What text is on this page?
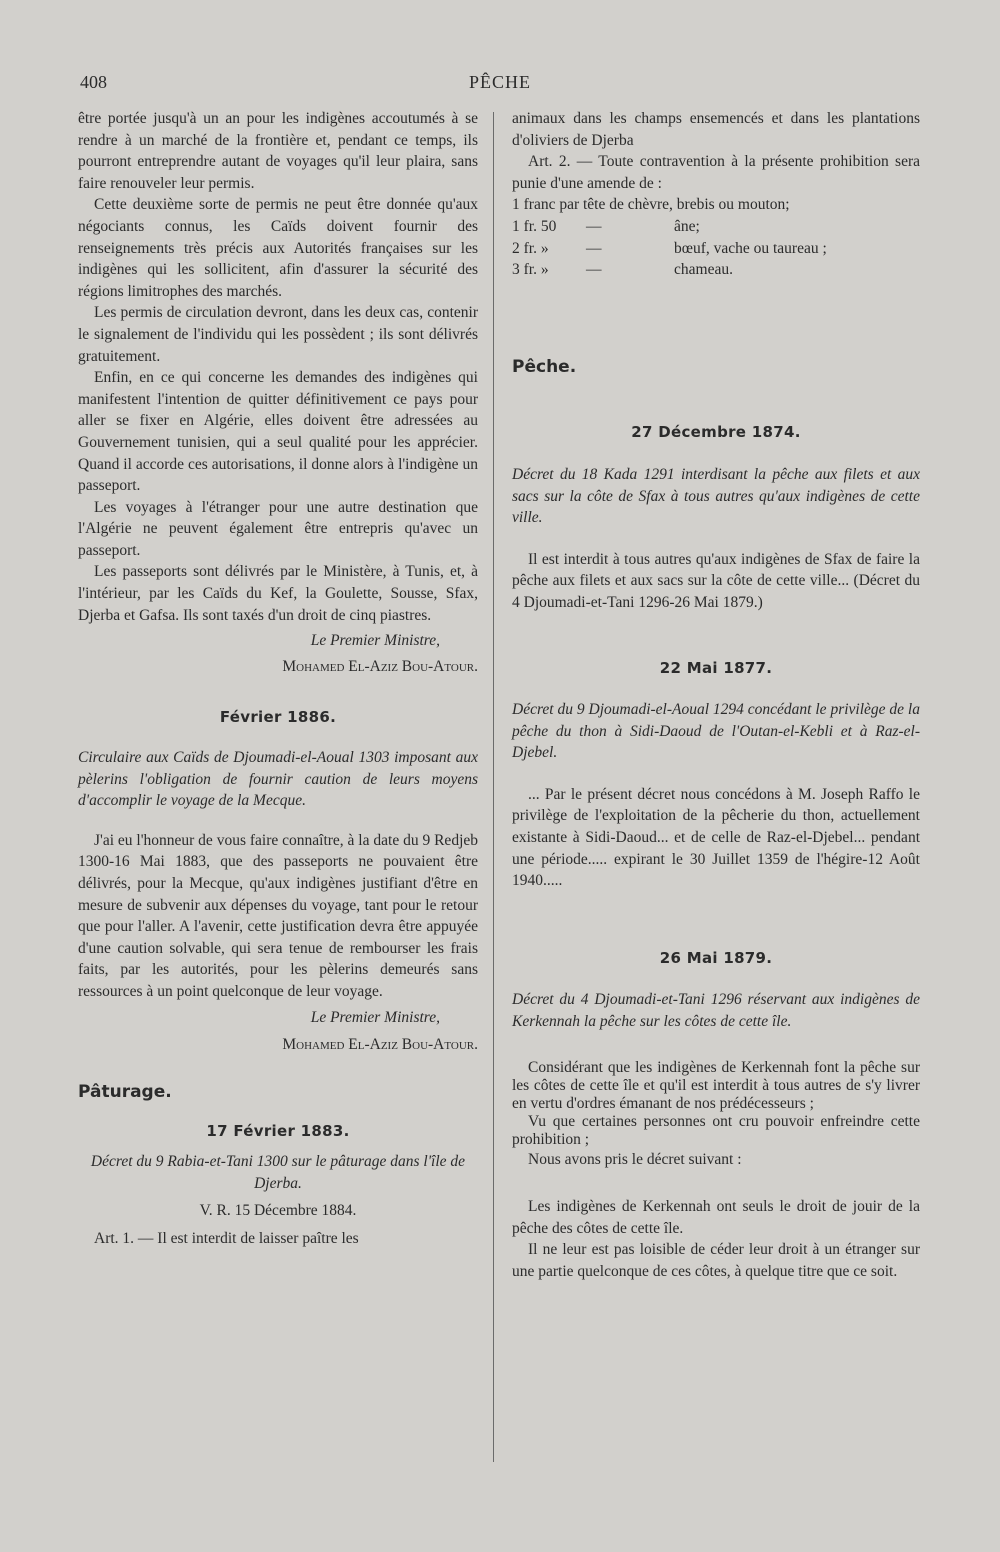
408	PÊCHE

être portée jusqu'à un an pour les indigènes accoutumés à se rendre à un marché de la frontière et, pendant ce temps, ils pourront entreprendre autant de voyages qu'il leur plaira, sans faire renouveler leur permis.

Cette deuxième sorte de permis ne peut être donnée qu'aux négociants connus, les Caïds doivent fournir des renseignements très précis aux Autorités françaises sur les indigènes qui les sollicitent, afin d'assurer la sécurité des régions limitrophes des marchés.

Les permis de circulation devront, dans les deux cas, contenir le signalement de l'individu qui les possèdent ; ils sont délivrés gratuitement.

Enfin, en ce qui concerne les demandes des indigènes qui manifestent l'intention de quitter définitivement ce pays pour aller se fixer en Algérie, elles doivent être adressées au Gouvernement tunisien, qui a seul qualité pour les apprécier. Quand il accorde ces autorisations, il donne alors à l'indigène un passeport.

Les voyages à l'étranger pour une autre destination que l'Algérie ne peuvent également être entrepris qu'avec un passeport.

Les passeports sont délivrés par le Ministère, à Tunis, et, à l'intérieur, par les Caïds du Kef, la Goulette, Sousse, Sfax, Djerba et Gafsa. Ils sont taxés d'un droit de cinq piastres.

Le Premier Ministre,

Mohamed El-Aziz Bou-Atour.

Février 1886.

Circulaire aux Caïds de Djoumadi-el-Aoual 1303 imposant aux pèlerins l'obligation de fournir caution de leurs moyens d'accomplir le voyage de la Mecque.

J'ai eu l'honneur de vous faire connaître, à la date du 9 Redjeb 1300-16 Mai 1883, que des passeports ne pouvaient être délivrés, pour la Mecque, qu'aux indigènes justifiant d'être en mesure de subvenir aux dépenses du voyage, tant pour le retour que pour l'aller. A l'avenir, cette justification devra être appuyée d'une caution solvable, qui sera tenue de rembourser les frais faits, par les autorités, pour les pèlerins demeurés sans ressources à un point quelconque de leur voyage.

Le Premier Ministre,

Mohamed El-Aziz Bou-Atour.

Pâturage.

17 Février 1883.

Décret du 9 Rabia-et-Tani 1300 sur le pâturage dans l'île de Djerba.

V. R. 15 Décembre 1884.

Art. 1. — Il est interdit de laisser paître les

animaux dans les champs ensemencés et dans les plantations d'oliviers de Djerba

Art. 2. — Toute contravention à la présente prohibition sera punie d'une amende de :

1 franc par tête de chèvre, brebis ou mouton;
1 fr. 50	—	âne;
2 fr. »	—	bœuf, vache ou taureau ;
3 fr. »	—	chameau.

Pêche.

27 Décembre 1874.

Décret du 18 Kada 1291 interdisant la pêche aux filets et aux sacs sur la côte de Sfax à tous autres qu'aux indigènes de cette ville.

Il est interdit à tous autres qu'aux indigènes de Sfax de faire la pêche aux filets et aux sacs sur la côte de cette ville... (Décret du 4 Djoumadi-et-Tani 1296-26 Mai 1879.)

22 Mai 1877.

Décret du 9 Djoumadi-el-Aoual 1294 concédant le privilège de la pêche du thon à Sidi-Daoud de l'Outan-el-Kebli et à Raz-el-Djebel.

... Par le présent décret nous concédons à M. Joseph Raffo le privilège de l'exploitation de la pêcherie du thon, actuellement existante à Sidi-Daoud... et de celle de Raz-el-Djebel... pendant une période..... expirant le 30 Juillet 1359 de l'hégire-12 Août 1940.....

26 Mai 1879.

Décret du 4 Djoumadi-et-Tani 1296 réservant aux indigènes de Kerkennah la pêche sur les côtes de cette île.

Considérant que les indigènes de Kerkennah font la pêche sur les côtes de cette île et qu'il est interdit à tous autres de s'y livrer en vertu d'ordres émanant de nos prédécesseurs ;

Vu que certaines personnes ont cru pouvoir enfreindre cette prohibition ;

Nous avons pris le décret suivant :

Les indigènes de Kerkennah ont seuls le droit de jouir de la pêche des côtes de cette île.

Il ne leur est pas loisible de céder leur droit à un étranger sur une partie quelconque de ces côtes, à quelque titre que ce soit.
